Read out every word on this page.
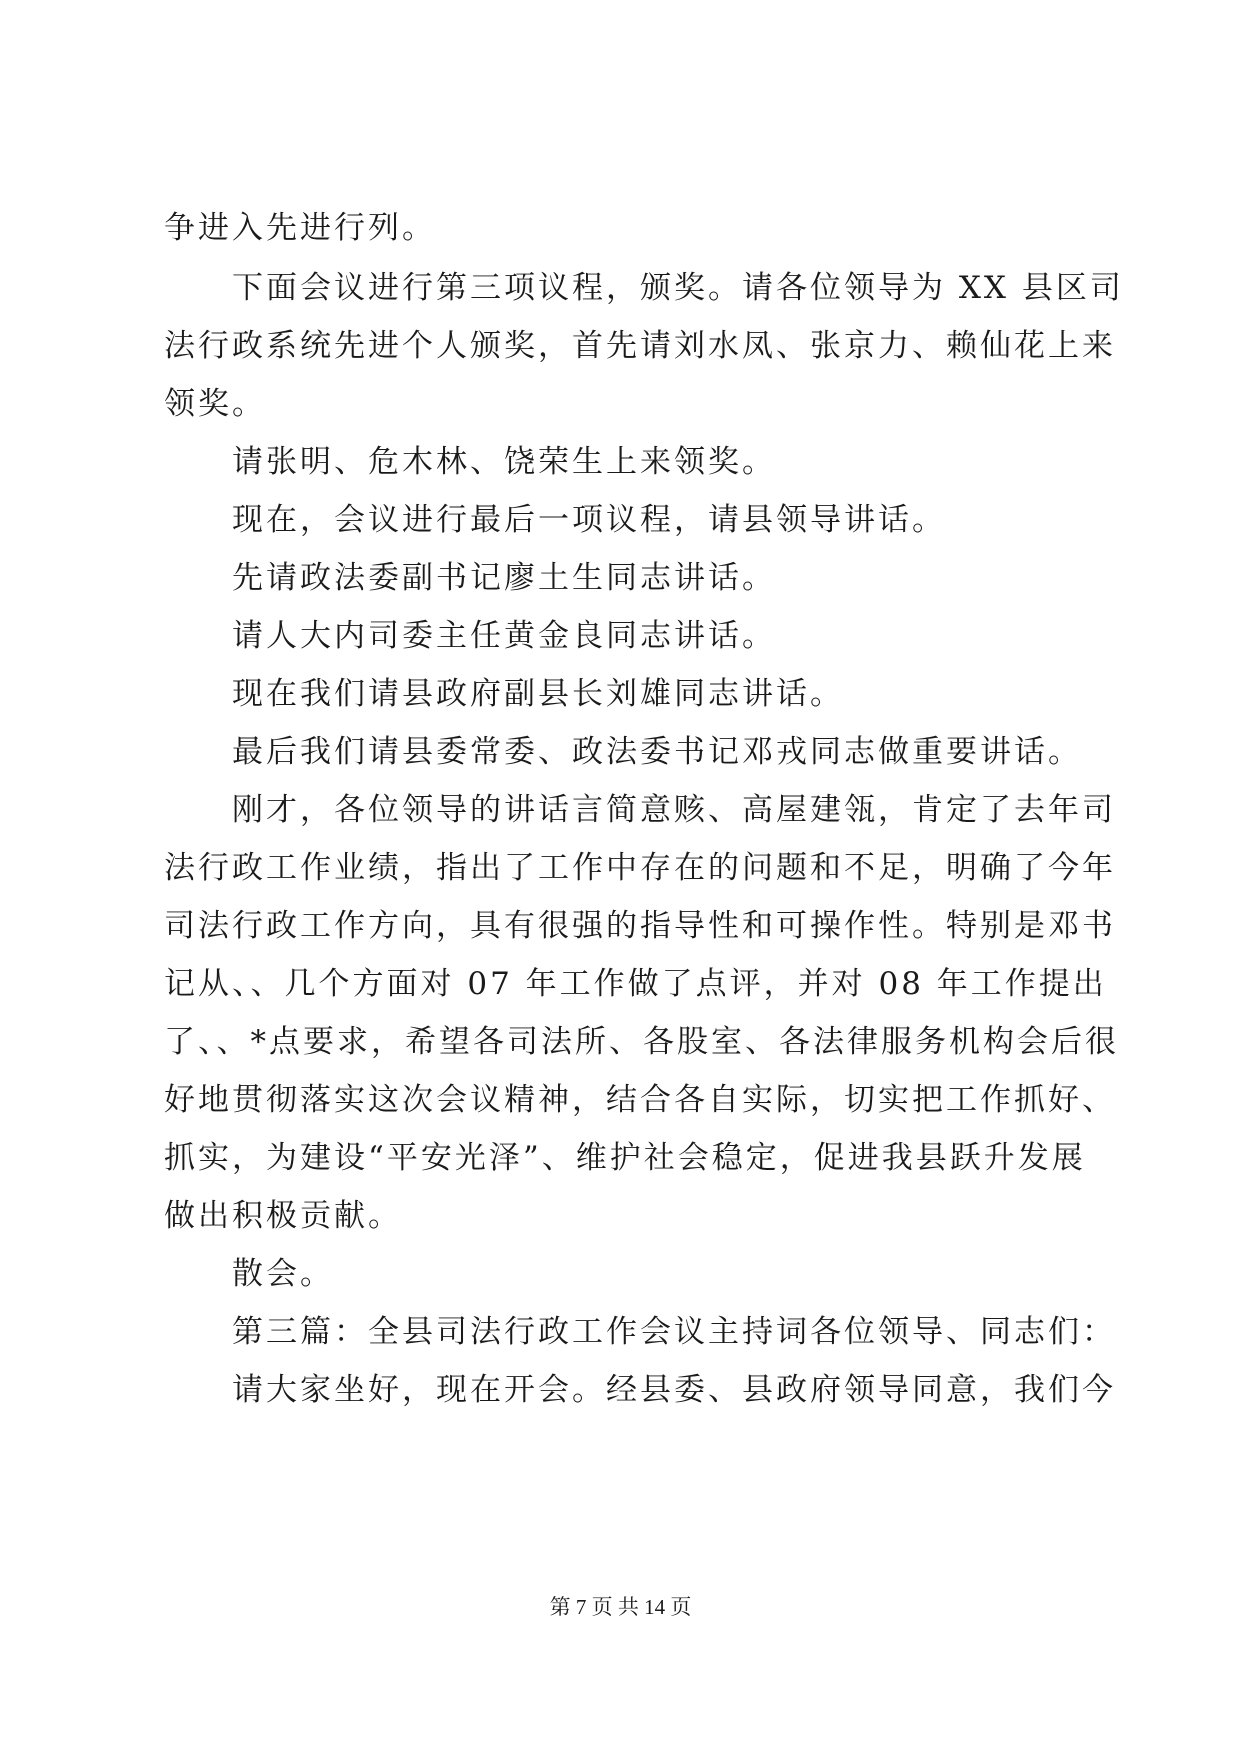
争进入先进行列。
下面会议进行第三项议程，颁奖。请各位领导为 XX 县区司
法行政系统先进个人颁奖，首先请刘水凤、张京力、赖仙花上来
领奖。
请张明、危木林、饶荣生上来领奖。
现在，会议进行最后一项议程，请县领导讲话。
先请政法委副书记廖土生同志讲话。
请人大内司委主任黄金良同志讲话。
现在我们请县政府副县长刘雄同志讲话。
最后我们请县委常委、政法委书记邓戎同志做重要讲话。
刚才，各位领导的讲话言简意赅、高屋建瓴，肯定了去年司
法行政工作业绩，指出了工作中存在的问题和不足，明确了今年
司法行政工作方向，具有很强的指导性和可操作性。特别是邓书
记从、、几个方面对 07 年工作做了点评，并对 08 年工作提出
了、、*点要求，希望各司法所、各股室、各法律服务机构会后很
好地贯彻落实这次会议精神，结合各自实际，切实把工作抓好、
抓实，为建设“平安光泽”、维护社会稳定，促进我县跃升发展
做出积极贡献。
散会。
第三篇：全县司法行政工作会议主持词各位领导、同志们：
请大家坐好，现在开会。经县委、县政府领导同意，我们今
第 7 页 共 14 页
